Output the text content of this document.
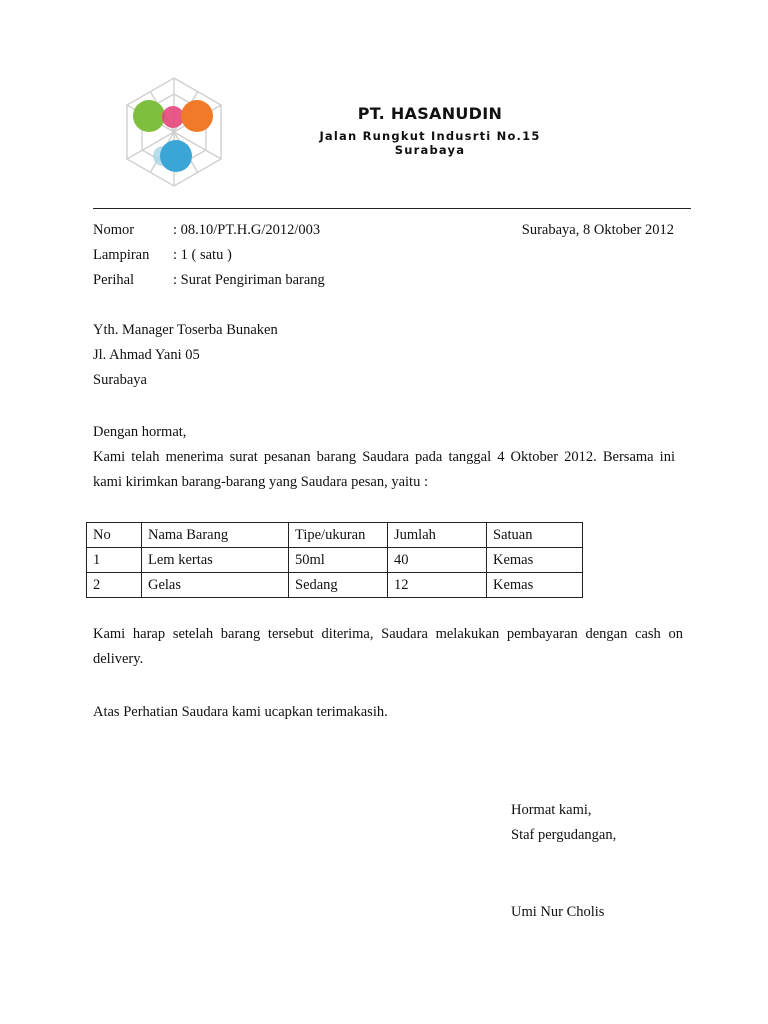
PT. HASANUDIN
Jalan Rungkut Indusrti No.15
Surabaya
Nomor	: 08.10/PT.H.G/2012/003
Lampiran	: 1 ( satu )
Perihal	: Surat Pengiriman barang
Surabaya, 8 Oktober 2012
Yth. Manager Toserba Bunaken
Jl. Ahmad Yani 05
Surabaya
Dengan hormat,
Kami telah menerima surat pesanan barang Saudara pada tanggal 4 Oktober 2012. Bersama ini kami kirimkan barang-barang yang Saudara pesan, yaitu :
No	Nama Barang	Tipe/ukuran	Jumlah	Satuan
1	Lem kertas	50ml	40	Kemas
2	Gelas	Sedang	12	Kemas
Kami harap setelah barang tersebut diterima, Saudara melakukan pembayaran dengan cash on delivery.
Atas Perhatian Saudara kami ucapkan terimakasih.
Hormat kami,
Staf pergudangan,
Umi Nur Cholis
